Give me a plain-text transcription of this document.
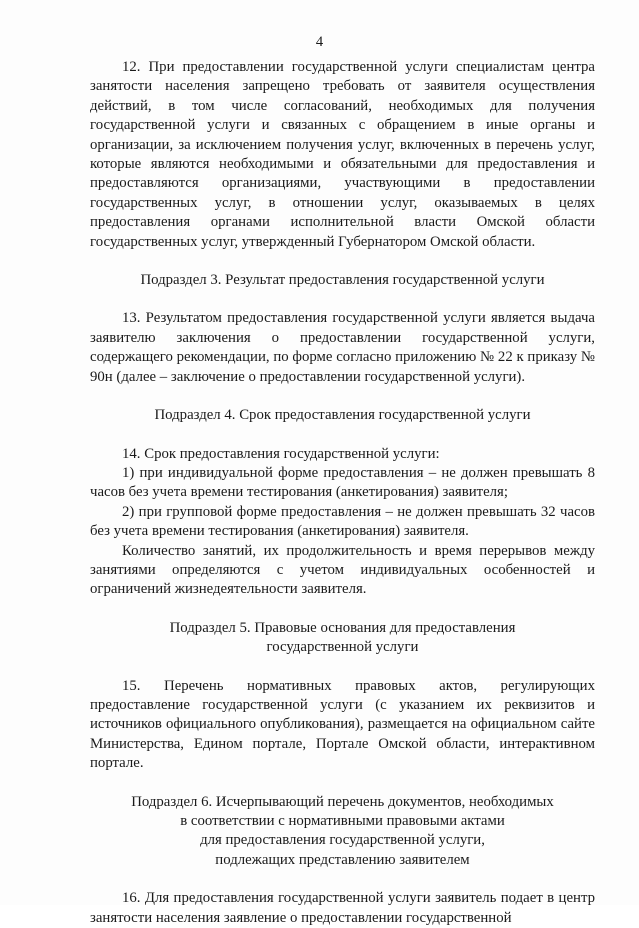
4

12. При предоставлении государственной услуги специалистам центра занятости населения запрещено требовать от заявителя осуществления действий, в том числе согласований, необходимых для получения государственной услуги и связанных с обращением в иные органы и организации, за исключением получения услуг, включенных в перечень услуг, которые являются необходимыми и обязательными для предоставления и предоставляются организациями, участвующими в предоставлении государственных услуг, в отношении услуг, оказываемых в целях предоставления органами исполнительной власти Омской области государственных услуг, утвержденный Губернатором Омской области.

Подраздел 3. Результат предоставления государственной услуги

13. Результатом предоставления государственной услуги является выдача заявителю заключения о предоставлении государственной услуги, содержащего рекомендации, по форме согласно приложению № 22 к приказу № 90н (далее – заключение о предоставлении государственной услуги).

Подраздел 4. Срок предоставления государственной услуги

14. Срок предоставления государственной услуги:

1) при индивидуальной форме предоставления – не должен превышать 8 часов без учета времени тестирования (анкетирования) заявителя;

2) при групповой форме предоставления – не должен превышать 32 часов без учета времени тестирования (анкетирования) заявителя.

Количество занятий, их продолжительность и время перерывов между занятиями определяются с учетом индивидуальных особенностей и ограничений жизнедеятельности заявителя.

Подраздел 5. Правовые основания для предоставления
государственной услуги

15. Перечень нормативных правовых актов, регулирующих предоставление государственной услуги (с указанием их реквизитов и источников официального опубликования), размещается на официальном сайте Министерства, Едином портале, Портале Омской области, интерактивном портале.

Подраздел 6. Исчерпывающий перечень документов, необходимых
в соответствии с нормативными правовыми актами
для предоставления государственной услуги,
подлежащих представлению заявителем

16. Для предоставления государственной услуги заявитель подает в центр занятости населения заявление о предоставлении государственной
